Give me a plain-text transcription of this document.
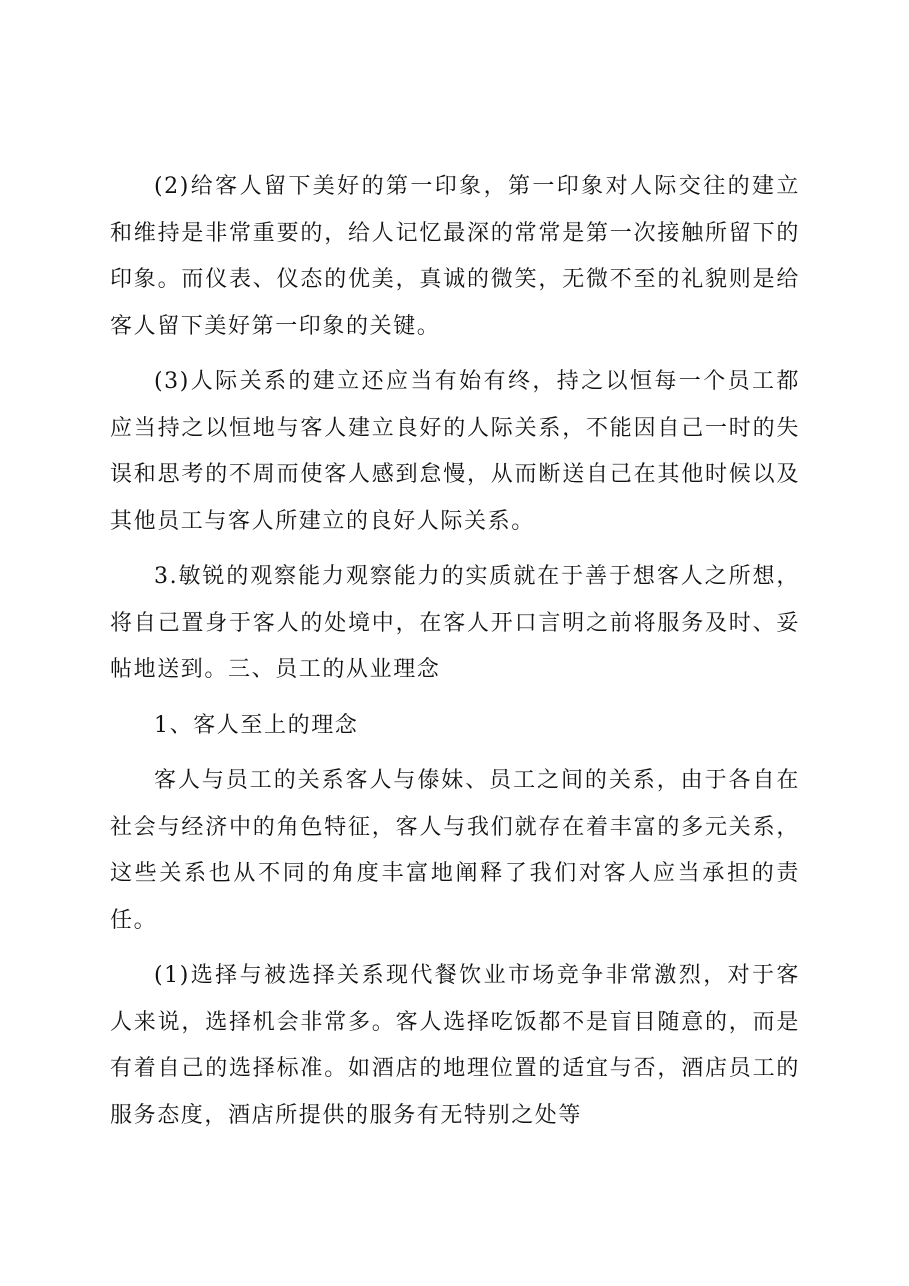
(2)给客人留下美好的第一印象，第一印象对人际交往的建立和维持是非常重要的，给人记忆最深的常常是第一次接触所留下的印象。而仪表、仪态的优美，真诚的微笑，无微不至的礼貌则是给客人留下美好第一印象的关键。

(3)人际关系的建立还应当有始有终，持之以恒每一个员工都应当持之以恒地与客人建立良好的人际关系，不能因自己一时的失误和思考的不周而使客人感到怠慢，从而断送自己在其他时候以及其他员工与客人所建立的良好人际关系。

3.敏锐的观察能力观察能力的实质就在于善于想客人之所想，将自己置身于客人的处境中，在客人开口言明之前将服务及时、妥帖地送到。三、员工的从业理念

1、客人至上的理念

客人与员工的关系客人与傣妹、员工之间的关系，由于各自在社会与经济中的角色特征，客人与我们就存在着丰富的多元关系，这些关系也从不同的角度丰富地阐释了我们对客人应当承担的责任。

(1)选择与被选择关系现代餐饮业市场竞争非常激烈，对于客人来说，选择机会非常多。客人选择吃饭都不是盲目随意的，而是有着自己的选择标准。如酒店的地理位置的适宜与否，酒店员工的服务态度，酒店所提供的服务有无特别之处等
